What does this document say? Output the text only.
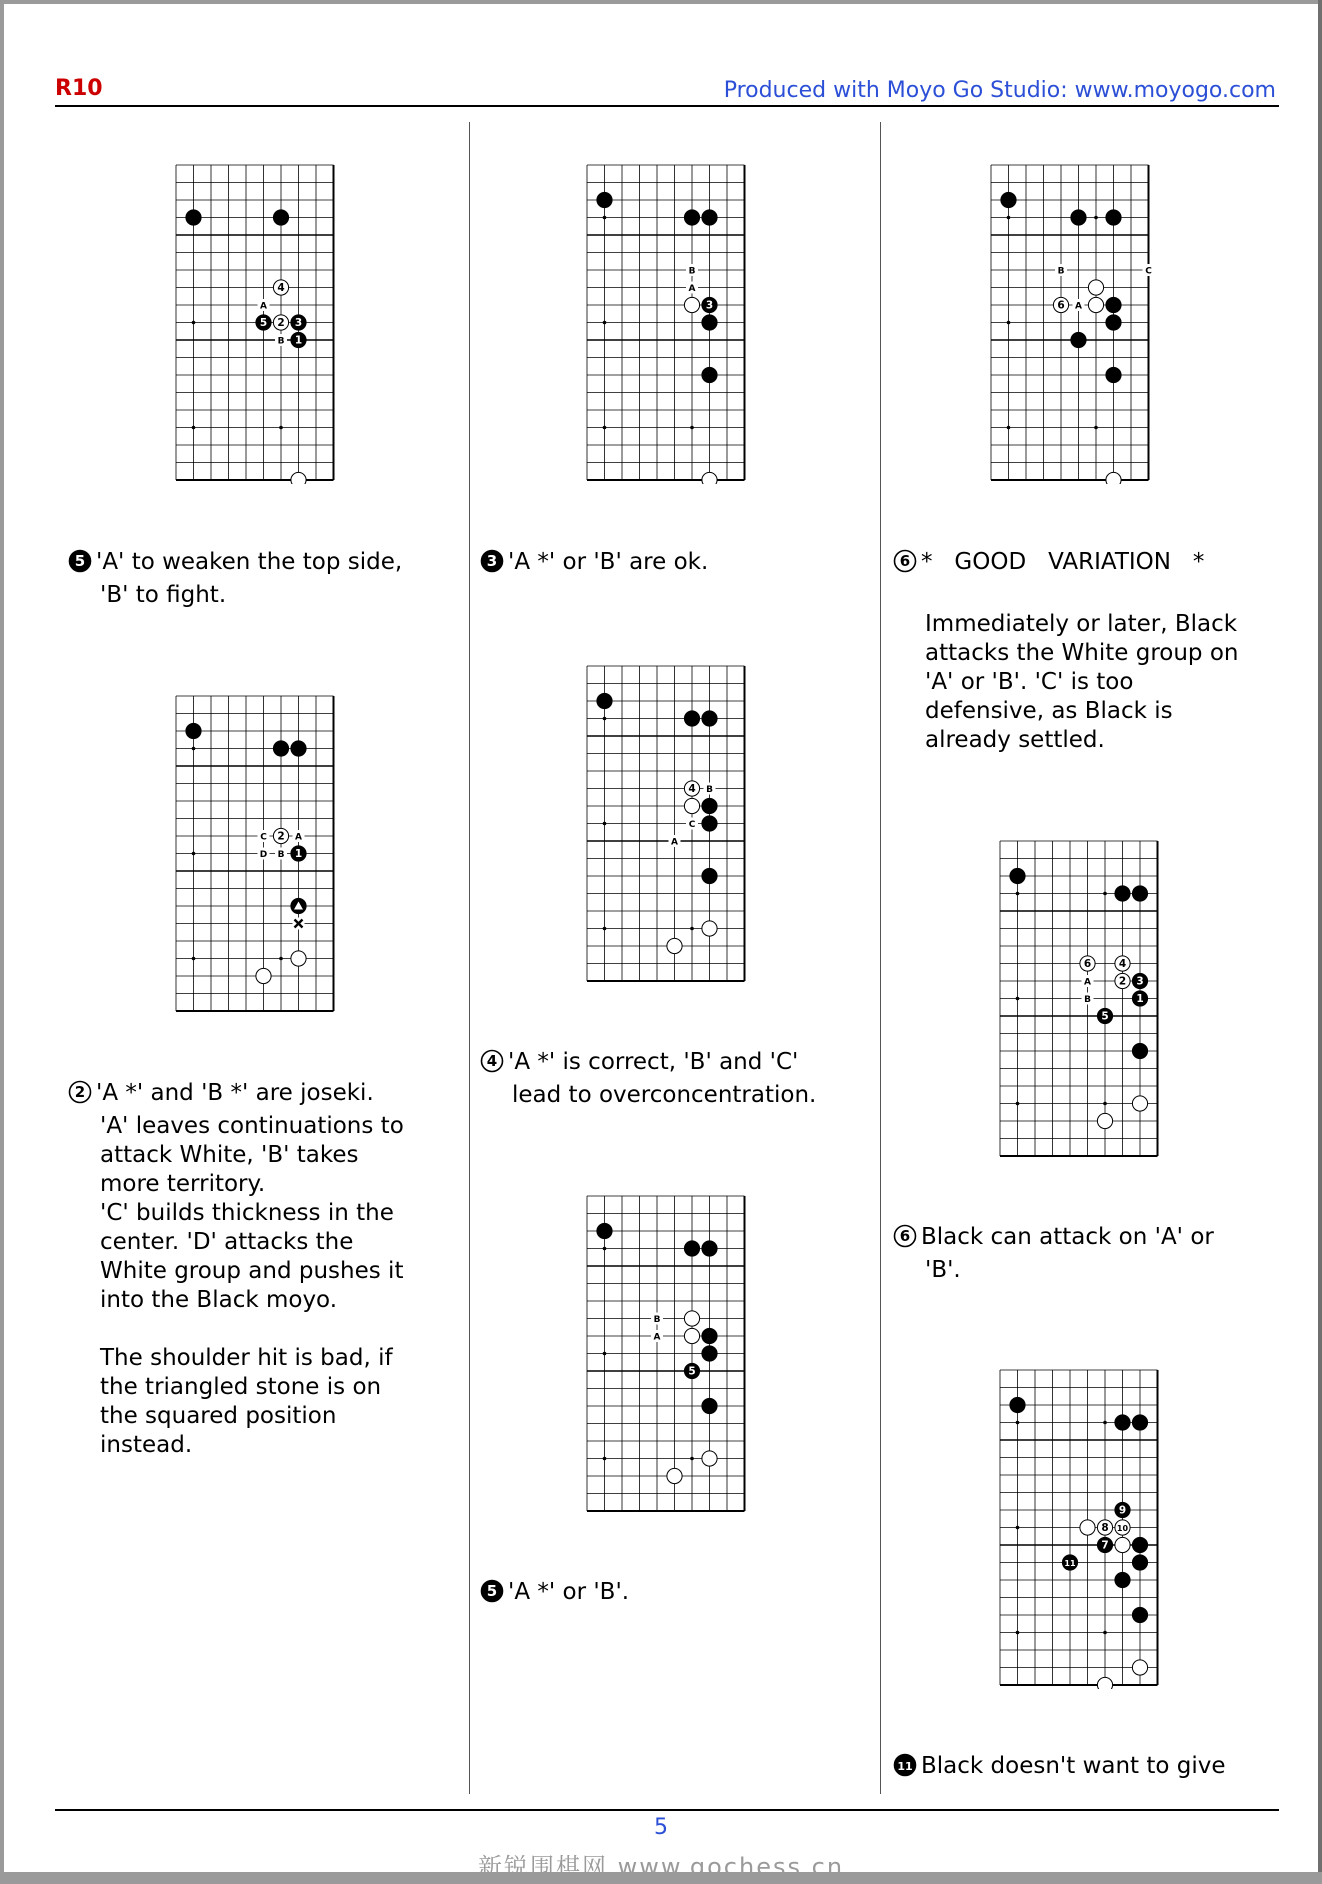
R10	Produced with Moyo Go Studio: www.moyogo.com
A
B
4
5 2 3
1
B
A
3
B	C
A
6
C	A
D B
2
1
B
C
A
4
A
B
6	4
2 3
1
5
B
A
5
9
8 10
7
11
5 'A' to weaken the top side,
'B' to fight.
3 'A *' or 'B' are ok.	6 *   GOOD   VARIATION   *
Immediately or later, Black
attacks the White group on
'A' or 'B'. 'C' is too
defensive, as Black is
already settled.
2 'A *' and 'B *' are joseki.
'A' leaves continuations to
attack White, 'B' takes
more territory.
'C' builds thickness in the
center. 'D' attacks the
White group and pushes it
into the Black moyo.
The shoulder hit is bad, if
the triangled stone is on
the squared position
instead.
4 'A *' is correct, 'B' and 'C'
lead to overconcentration.
6 Black can attack on 'A' or
'B'.
5 'A *' or 'B'.
11 Black doesn't want to give
5
新锐围棋网 www.gochess.cn
